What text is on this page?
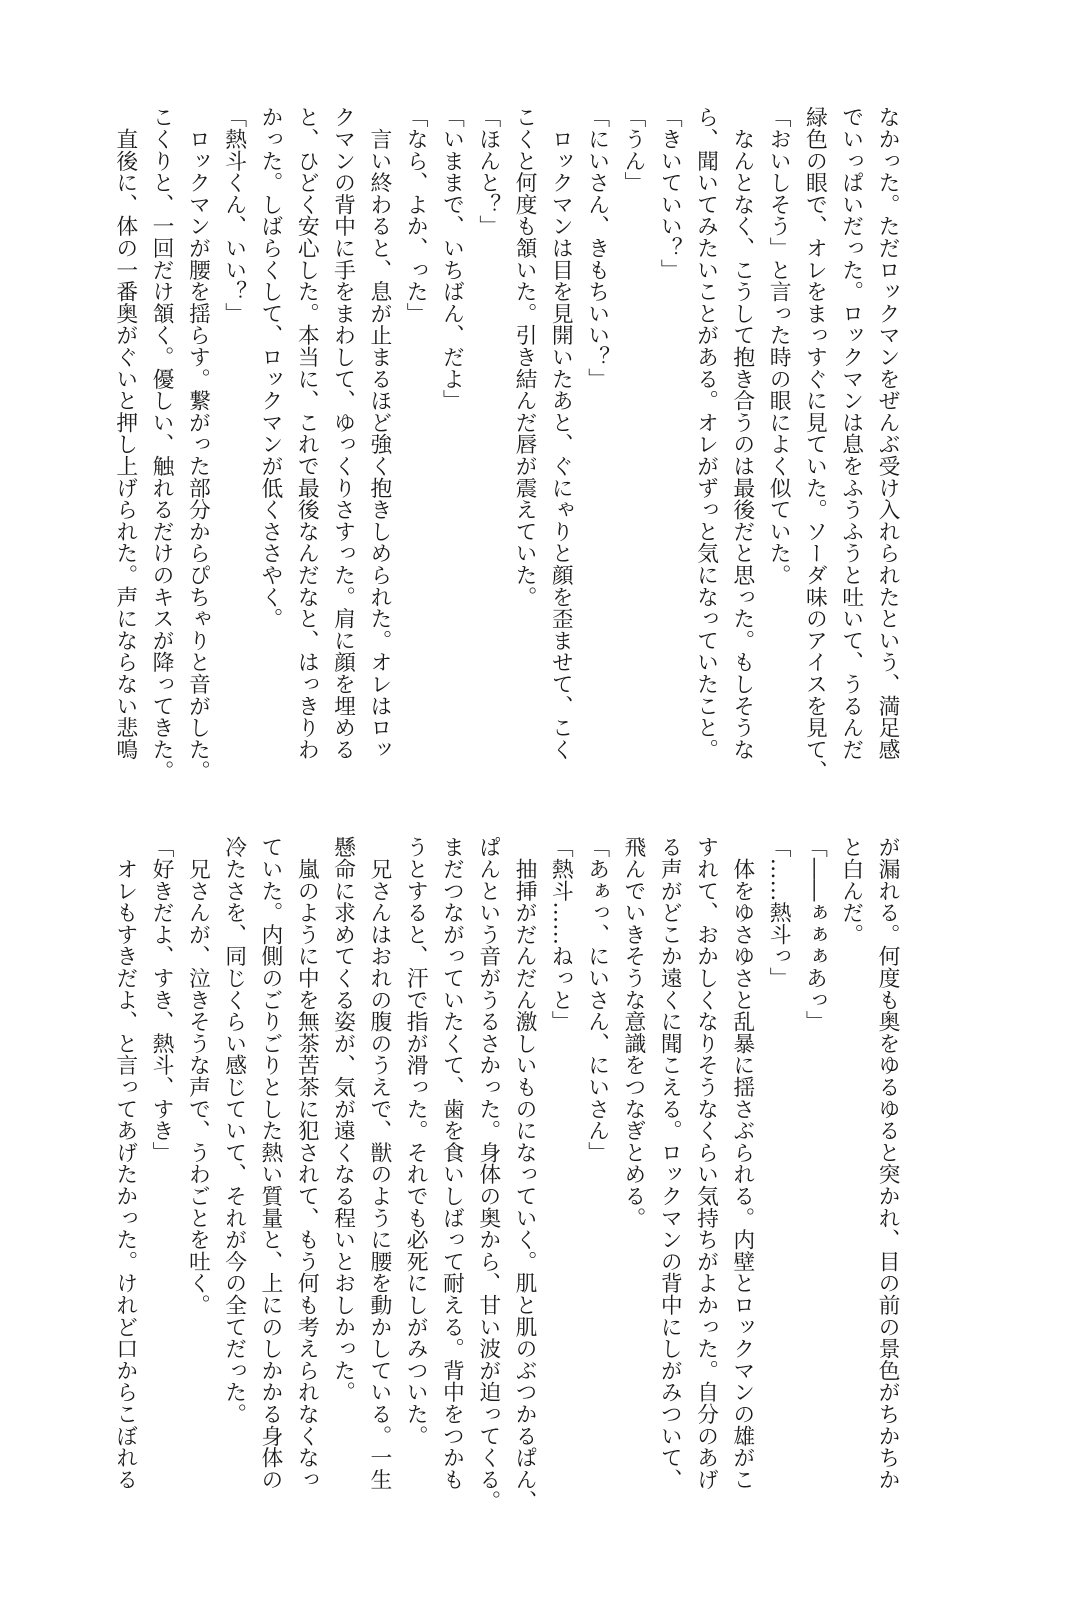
なかった。ただロックマンをぜんぶ受け入れられたという、満足感
でいっぱいだった。ロックマンは息をふうふうと吐いて、うるんだ
緑色の眼で、オレをまっすぐに見ていた。ソーダ味のアイスを見て、
「おいしそう」と言った時の眼によく似ていた。
　なんとなく、こうして抱き合うのは最後だと思った。もしそうな
ら、聞いてみたいことがある。オレがずっと気になっていたこと。
「きいていい？」
「うん」
「にいさん、きもちいい？」
　ロックマンは目を見開いたあと、ぐにゃりと顔を歪ませて、こく
こくと何度も頷いた。引き結んだ唇が震えていた。
「ほんと？」
「いままで、いちばん、だよ」
「なら、よか、った」
　言い終わると、息が止まるほど強く抱きしめられた。オレはロッ
クマンの背中に手をまわして、ゆっくりさすった。肩に顔を埋める
と、ひどく安心した。本当に、これで最後なんだなと、はっきりわ
かった。しばらくして、ロックマンが低くささやく。
「熱斗くん、いい？」
　ロックマンが腰を揺らす。繋がった部分からぴちゃりと音がした。
こくりと、一回だけ頷く。優しい、触れるだけのキスが降ってきた。
　直後に、体の一番奥がぐいと押し上げられた。声にならない悲鳴
が漏れる。何度も奥をゆるゆると突かれ、目の前の景色がちかちか
と白んだ。
「――ぁぁぁあっ」
「……熱斗っ」
　体をゆさゆさと乱暴に揺さぶられる。内壁とロックマンの雄がこ
すれて、おかしくなりそうなくらい気持ちがよかった。自分のあげ
る声がどこか遠くに聞こえる。ロックマンの背中にしがみついて、
飛んでいきそうな意識をつなぎとめる。
「あぁっ、にいさん、にいさん」
「熱斗……ねっと」
　抽挿がだんだん激しいものになっていく。肌と肌のぶつかるぱん、
ぱんという音がうるさかった。身体の奥から、甘い波が迫ってくる。
まだつながっていたくて、歯を食いしばって耐える。背中をつかも
うとすると、汗で指が滑った。それでも必死にしがみついた。
　兄さんはおれの腹のうえで、獣のように腰を動かしている。一生
懸命に求めてくる姿が、気が遠くなる程いとおしかった。
　嵐のように中を無茶苦茶に犯されて、もう何も考えられなくなっ
ていた。内側のごりごりとした熱い質量と、上にのしかかる身体の
冷たさを、同じくらい感じていて、それが今の全てだった。
　兄さんが、泣きそうな声で、うわごとを吐く。
「好きだよ、すき、熱斗、すき」
　オレもすきだよ、と言ってあげたかった。けれど口からこぼれる
